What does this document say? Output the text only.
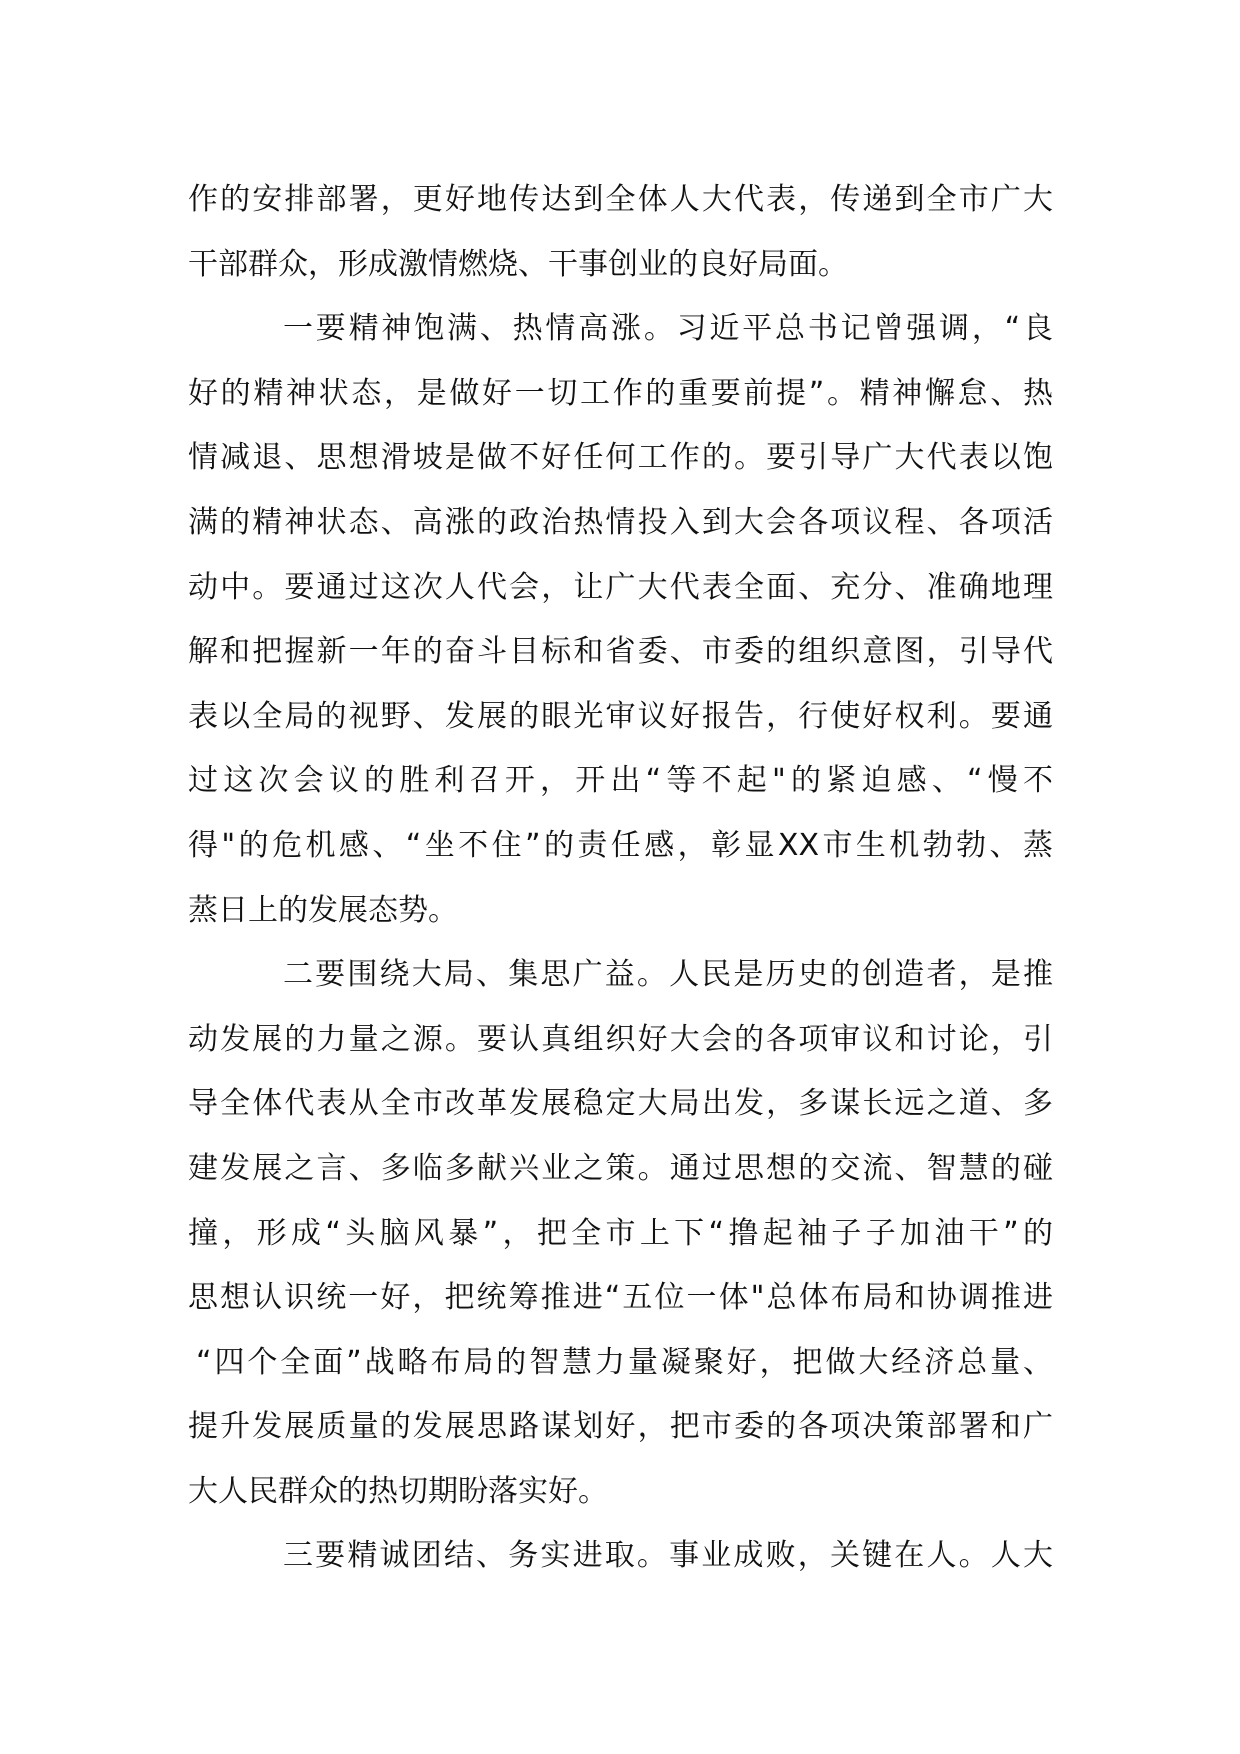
作的安排部署，更好地传达到全体人大代表，传递到全市广大
干部群众，形成激情燃烧、干事创业的良好局面。
一要精神饱满、热情高涨。习近平总书记曾强调，“良
好的精神状态，是做好一切工作的重要前提”。精神懈怠、热
情减退、思想滑坡是做不好任何工作的。要引导广大代表以饱
满的精神状态、高涨的政治热情投入到大会各项议程、各项活
动中。要通过这次人代会，让广大代表全面、充分、准确地理
解和把握新一年的奋斗目标和省委、市委的组织意图，引导代
表以全局的视野、发展的眼光审议好报告，行使好权利。要通
过这次会议的胜利召开，开出“等不起"的紧迫感、“慢不
得"的危机感、“坐不住”的责任感，彰显XX市生机勃勃、蒸
蒸日上的发展态势。
二要围绕大局、集思广益。人民是历史的创造者，是推
动发展的力量之源。要认真组织好大会的各项审议和讨论，引
导全体代表从全市改革发展稳定大局出发，多谋长远之道、多
建发展之言、多临多献兴业之策。通过思想的交流、智慧的碰
撞，形成“头脑风暴”，把全市上下“撸起袖子子加油干”的
思想认识统一好，把统筹推进“五位一体"总体布局和协调推进
“四个全面”战略布局的智慧力量凝聚好，把做大经济总量、
提升发展质量的发展思路谋划好，把市委的各项决策部署和广
大人民群众的热切期盼落实好。
三要精诚团结、务实进取。事业成败，关键在人。人大
